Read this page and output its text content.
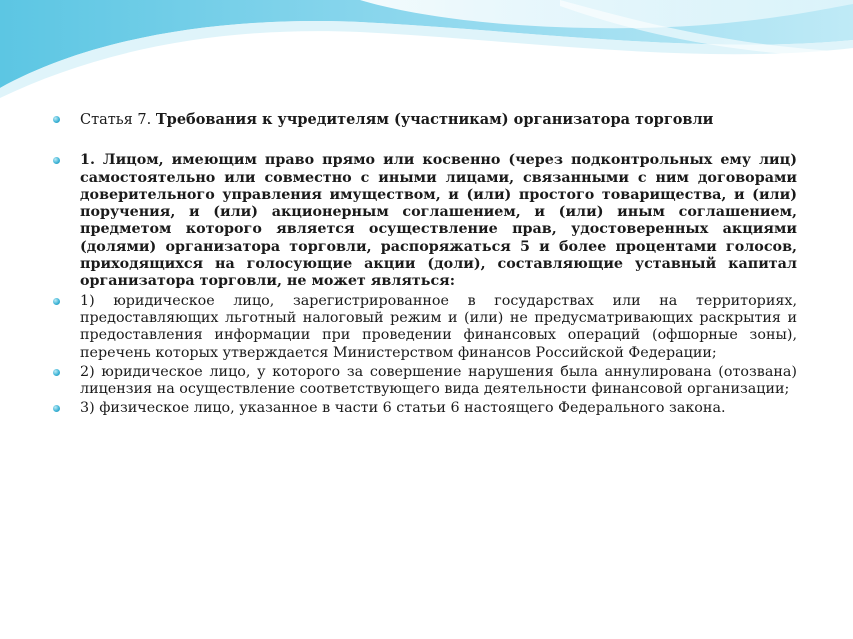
Статья 7. Требования к учредителям (участникам) организатора торговли
1. Лицом, имеющим право прямо или косвенно (через подконтрольных ему лиц) самостоятельно или совместно с иными лицами, связанными с ним договорами доверительного управления имуществом, и (или) простого товарищества, и (или) поручения, и (или) акционерным соглашением, и (или) иным соглашением, предметом которого является осуществление прав, удостоверенных акциями (долями) организатора торговли, распоряжаться 5 и более процентами голосов, приходящихся на голосующие акции (доли), составляющие уставный капитал организатора торговли, не может являться:
1) юридическое лицо, зарегистрированное в государствах или на территориях, предоставляющих льготный налоговый режим и (или) не предусматривающих раскрытия и предоставления информации при проведении финансовых операций (офшорные зоны), перечень которых утверждается Министерством финансов Российской Федерации;
2) юридическое лицо, у которого за совершение нарушения была аннулирована (отозвана) лицензия на осуществление соответствующего вида деятельности финансовой организации;
3) физическое лицо, указанное в части 6 статьи 6 настоящего Федерального закона.
